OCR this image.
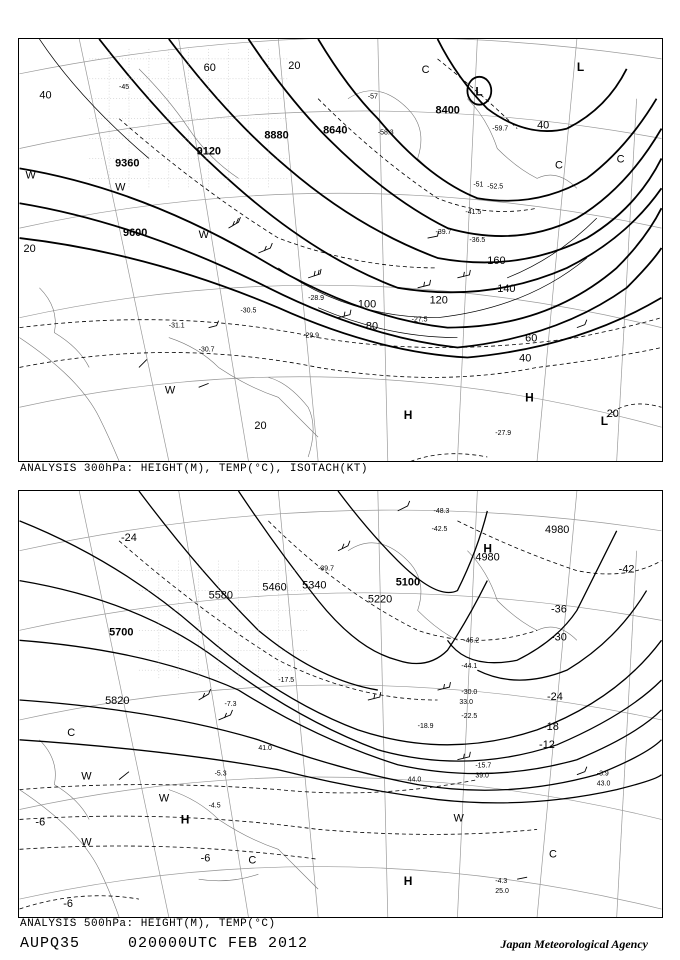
8400
8640
8880
9120
9360
9600
20
40
60
80
100	120
140
160
20
20
40
60
20
40
-27.5
-28.9
-29.9
-30.5
-30.7
-31.1
-36.5
-39.7
-41.5
-45
-51 -52.5
-57
-58.3
-59.7
-27.9
L
L
L
H
H
W
W
W
W
C
C	C
ANALYSIS 300hPa: HEIGHT(M), TEMP(°C), ISOTACH(KT)
4980
4980
5100
5220
5340
5460
5580
5700
5820
-42
-36
-30
-24
-18
-12
-6
-6
-6
-24
-48.3
-42.5
-39.7
-45.2
-44.1
-30.0
-22.5
-18.9
-17.5
-15.7
-7.3
-4.3
-4.5
-3.9
-5.3	39.0
43.0
41.0
25.0
44.0
33.0
H
H
H
C
C	C
W
W
W
W
ANALYSIS 500hPa: HEIGHT(M), TEMP(°C)
AUPQ35	020000UTC FEB 2012	Japan Meteorological Agency
